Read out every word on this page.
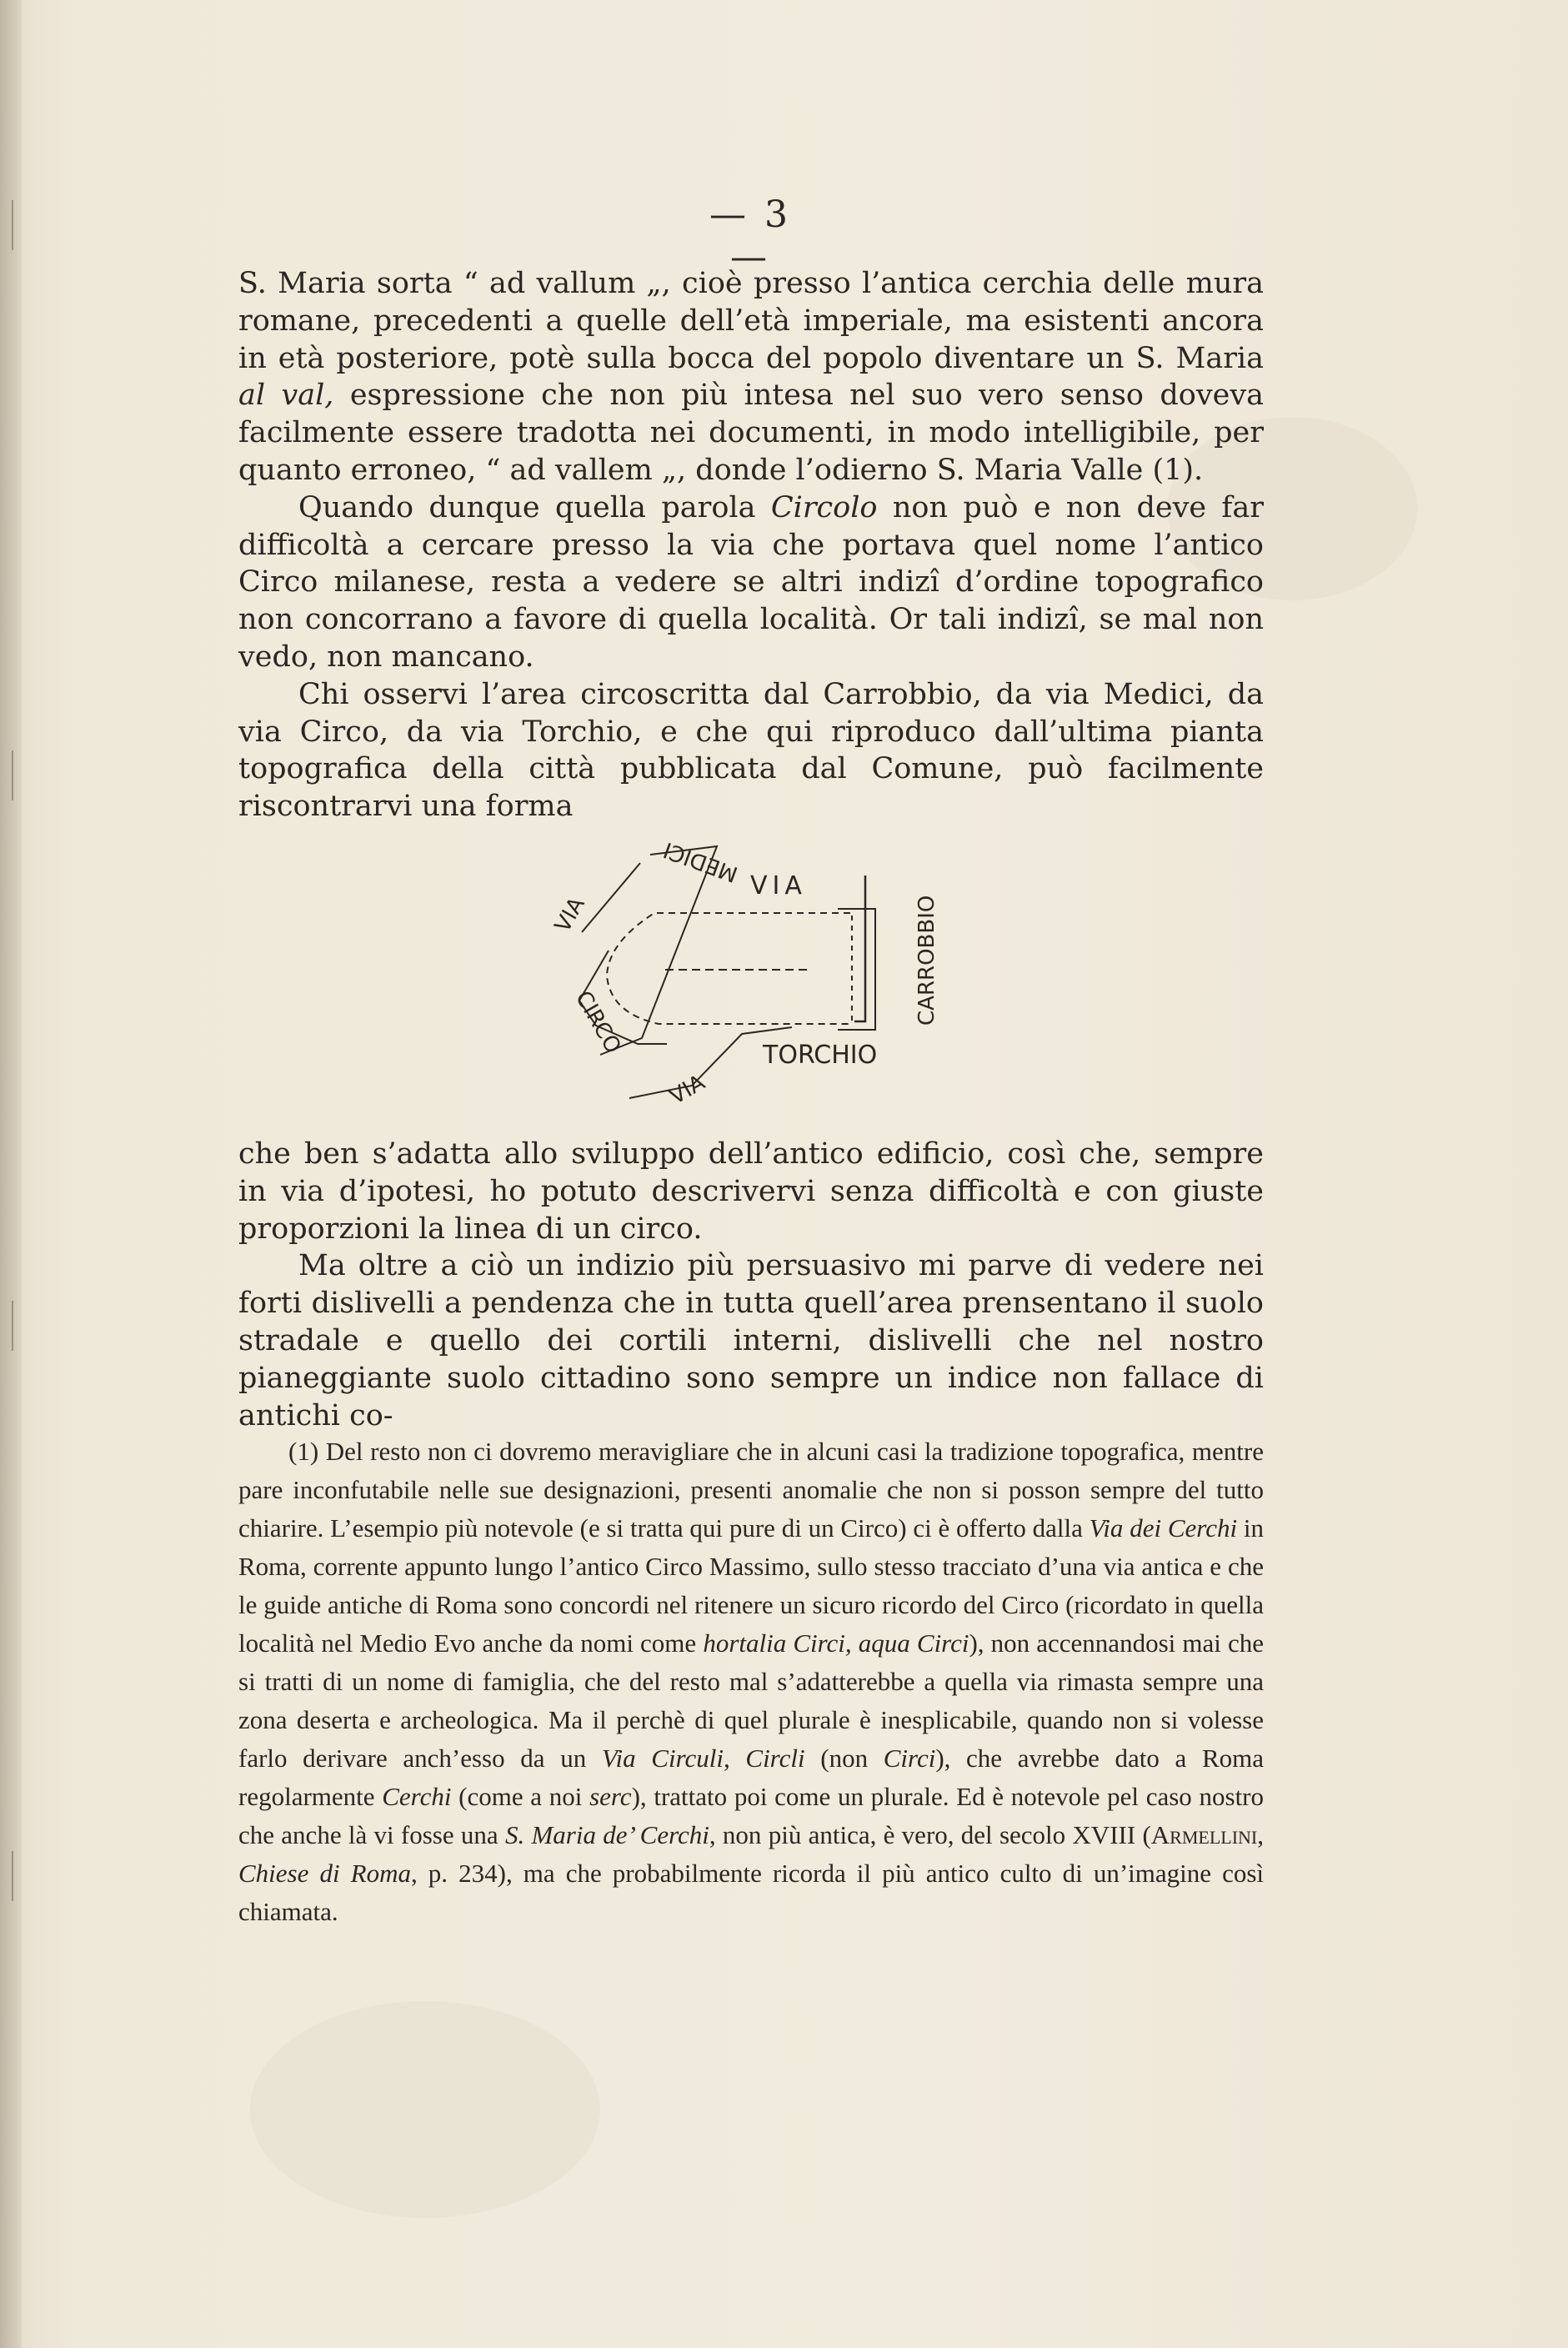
— 3 —

S. Maria sorta “ ad vallum „, cioè presso l’antica cerchia delle mura romane, precedenti a quelle dell’età imperiale, ma esistenti ancora in età posteriore, potè sulla bocca del popolo diventare un S. Maria al val, espressione che non più intesa nel suo vero senso doveva facilmente essere tradotta nei documenti, in modo intelligibile, per quanto erroneo, “ ad vallem „, donde l’odierno S. Maria Valle (1).

Quando dunque quella parola Circolo non può e non deve far difficoltà a cercare presso la via che portava quel nome l’antico Circo milanese, resta a vedere se altri indizî d’ordine topografico non concorrano a favore di quella località. Or tali indizî, se mal non vedo, non mancano.

Chi osservi l’area circoscritta dal Carrobbio, da via Medici, da via Circo, da via Torchio, e che qui riproduco dall’ultima pianta topografica della città pubblicata dal Comune, può facilmente riscontrarvi una forma

VIA
MEDICI
CARROBBIO
VIA
CIRCO
VIA
TORCHIO

che ben s’adatta allo sviluppo dell’antico edificio, così che, sempre in via d’ipotesi, ho potuto descrivervi senza difficoltà e con giuste proporzioni la linea di un circo.

Ma oltre a ciò un indizio più persuasivo mi parve di vedere nei forti dislivelli a pendenza che in tutta quell’area prensentano il suolo stradale e quello dei cortili interni, dislivelli che nel nostro pianeggiante suolo cittadino sono sempre un indice non fallace di antichi co-

(1) Del resto non ci dovremo meravigliare che in alcuni casi la tradizione topografica, mentre pare inconfutabile nelle sue designazioni, presenti anomalie che non si posson sempre del tutto chiarire. L’esempio più notevole (e si tratta qui pure di un Circo) ci è offerto dalla Via dei Cerchi in Roma, corrente appunto lungo l’antico Circo Massimo, sullo stesso tracciato d’una via antica e che le guide antiche di Roma sono concordi nel ritenere un sicuro ricordo del Circo (ricordato in quella località nel Medio Evo anche da nomi come hortalia Circi, aqua Circi), non accennandosi mai che si tratti di un nome di famiglia, che del resto mal s’adatterebbe a quella via rimasta sempre una zona deserta e archeologica. Ma il perchè di quel plurale è inesplicabile, quando non si volesse farlo derivare anch’esso da un Via Circuli, Circli (non Circi), che avrebbe dato a Roma regolarmente Cerchi (come a noi serc), trattato poi come un plurale. Ed è notevole pel caso nostro che anche là vi fosse una S. Maria de’ Cerchi, non più antica, è vero, del secolo XVIII (Armellini, Chiese di Roma, p. 234), ma che probabilmente ricorda il più antico culto di un’imagine così chiamata.
